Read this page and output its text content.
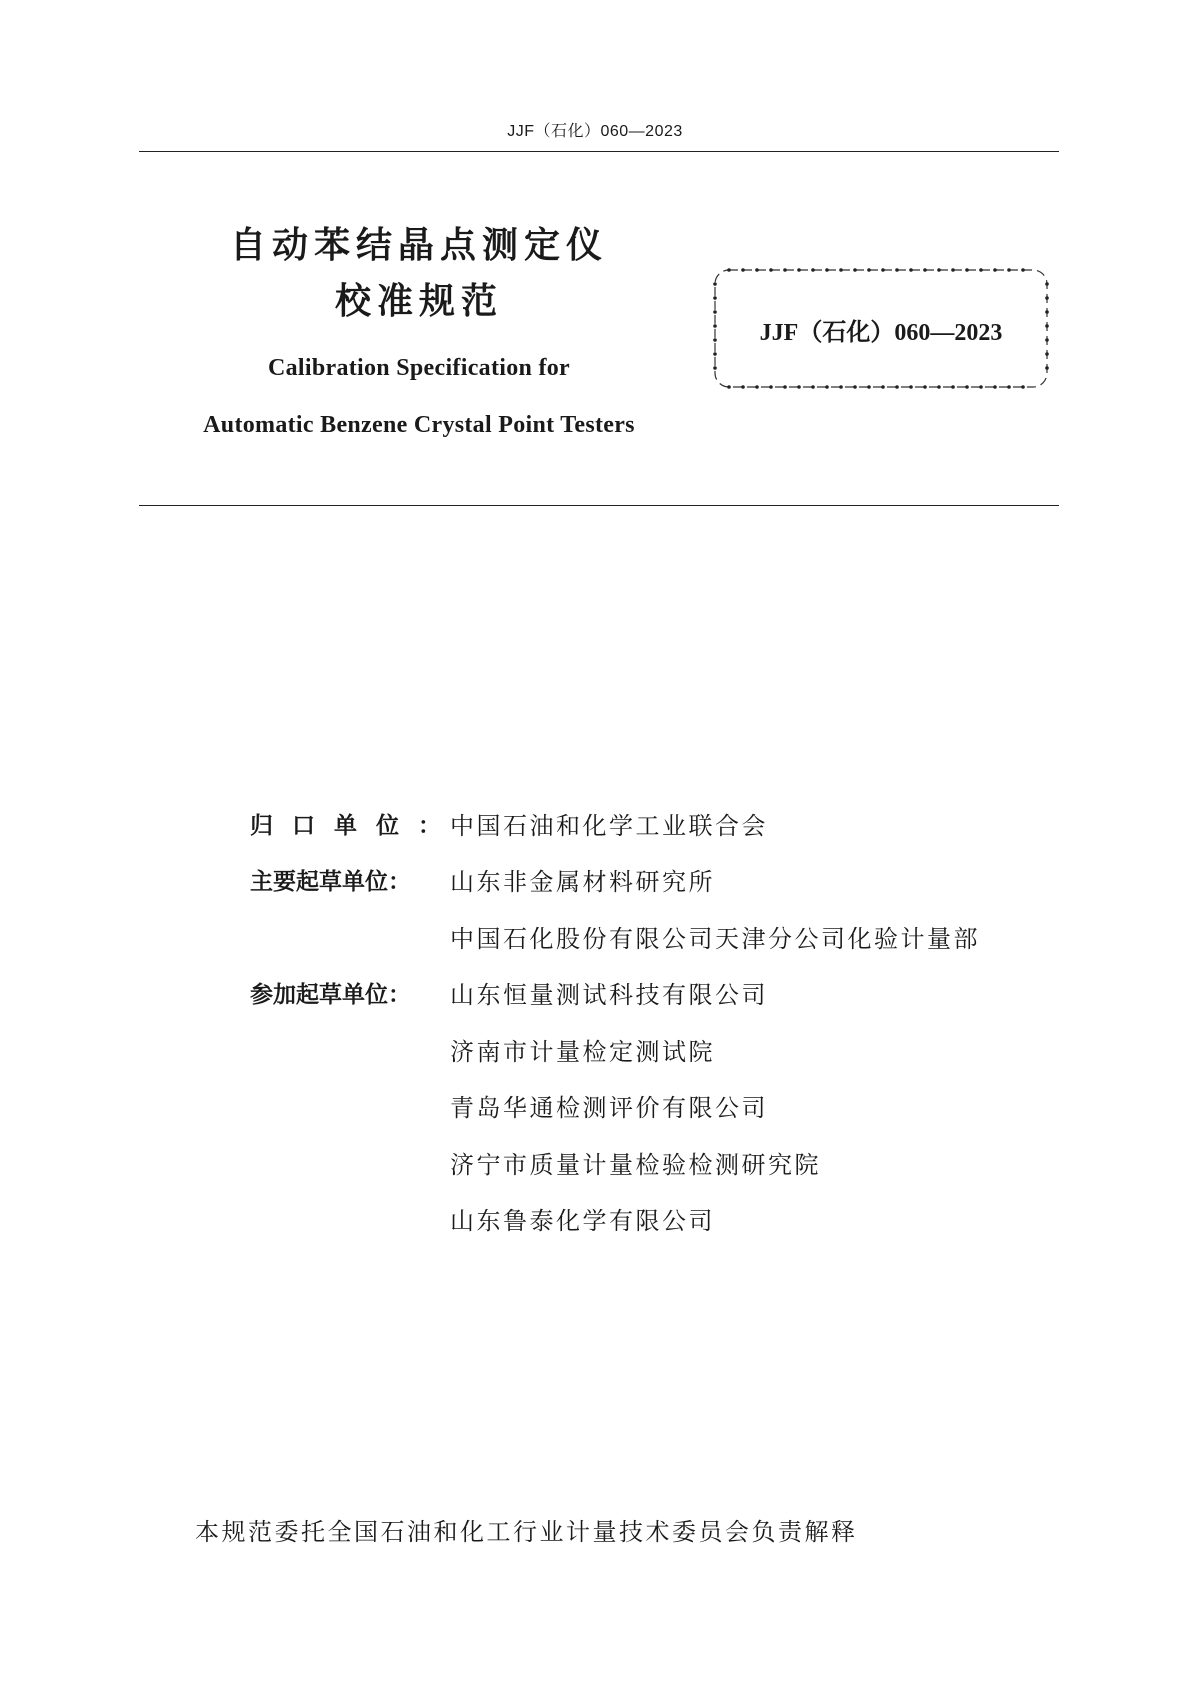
JJF（石化）060—2023
自动苯结晶点测定仪
校准规范
Calibration Specification for
Automatic Benzene Crystal Point Testers
JJF（石化）060—2023
归口单位：
中国石油和化学工业联合会
主要起草单位：	山东非金属材料研究所
中国石化股份有限公司天津分公司化验计量部
参加起草单位：	山东恒量测试科技有限公司
济南市计量检定测试院
青岛华通检测评价有限公司
济宁市质量计量检验检测研究院
山东鲁泰化学有限公司
本规范委托全国石油和化工行业计量技术委员会负责解释
